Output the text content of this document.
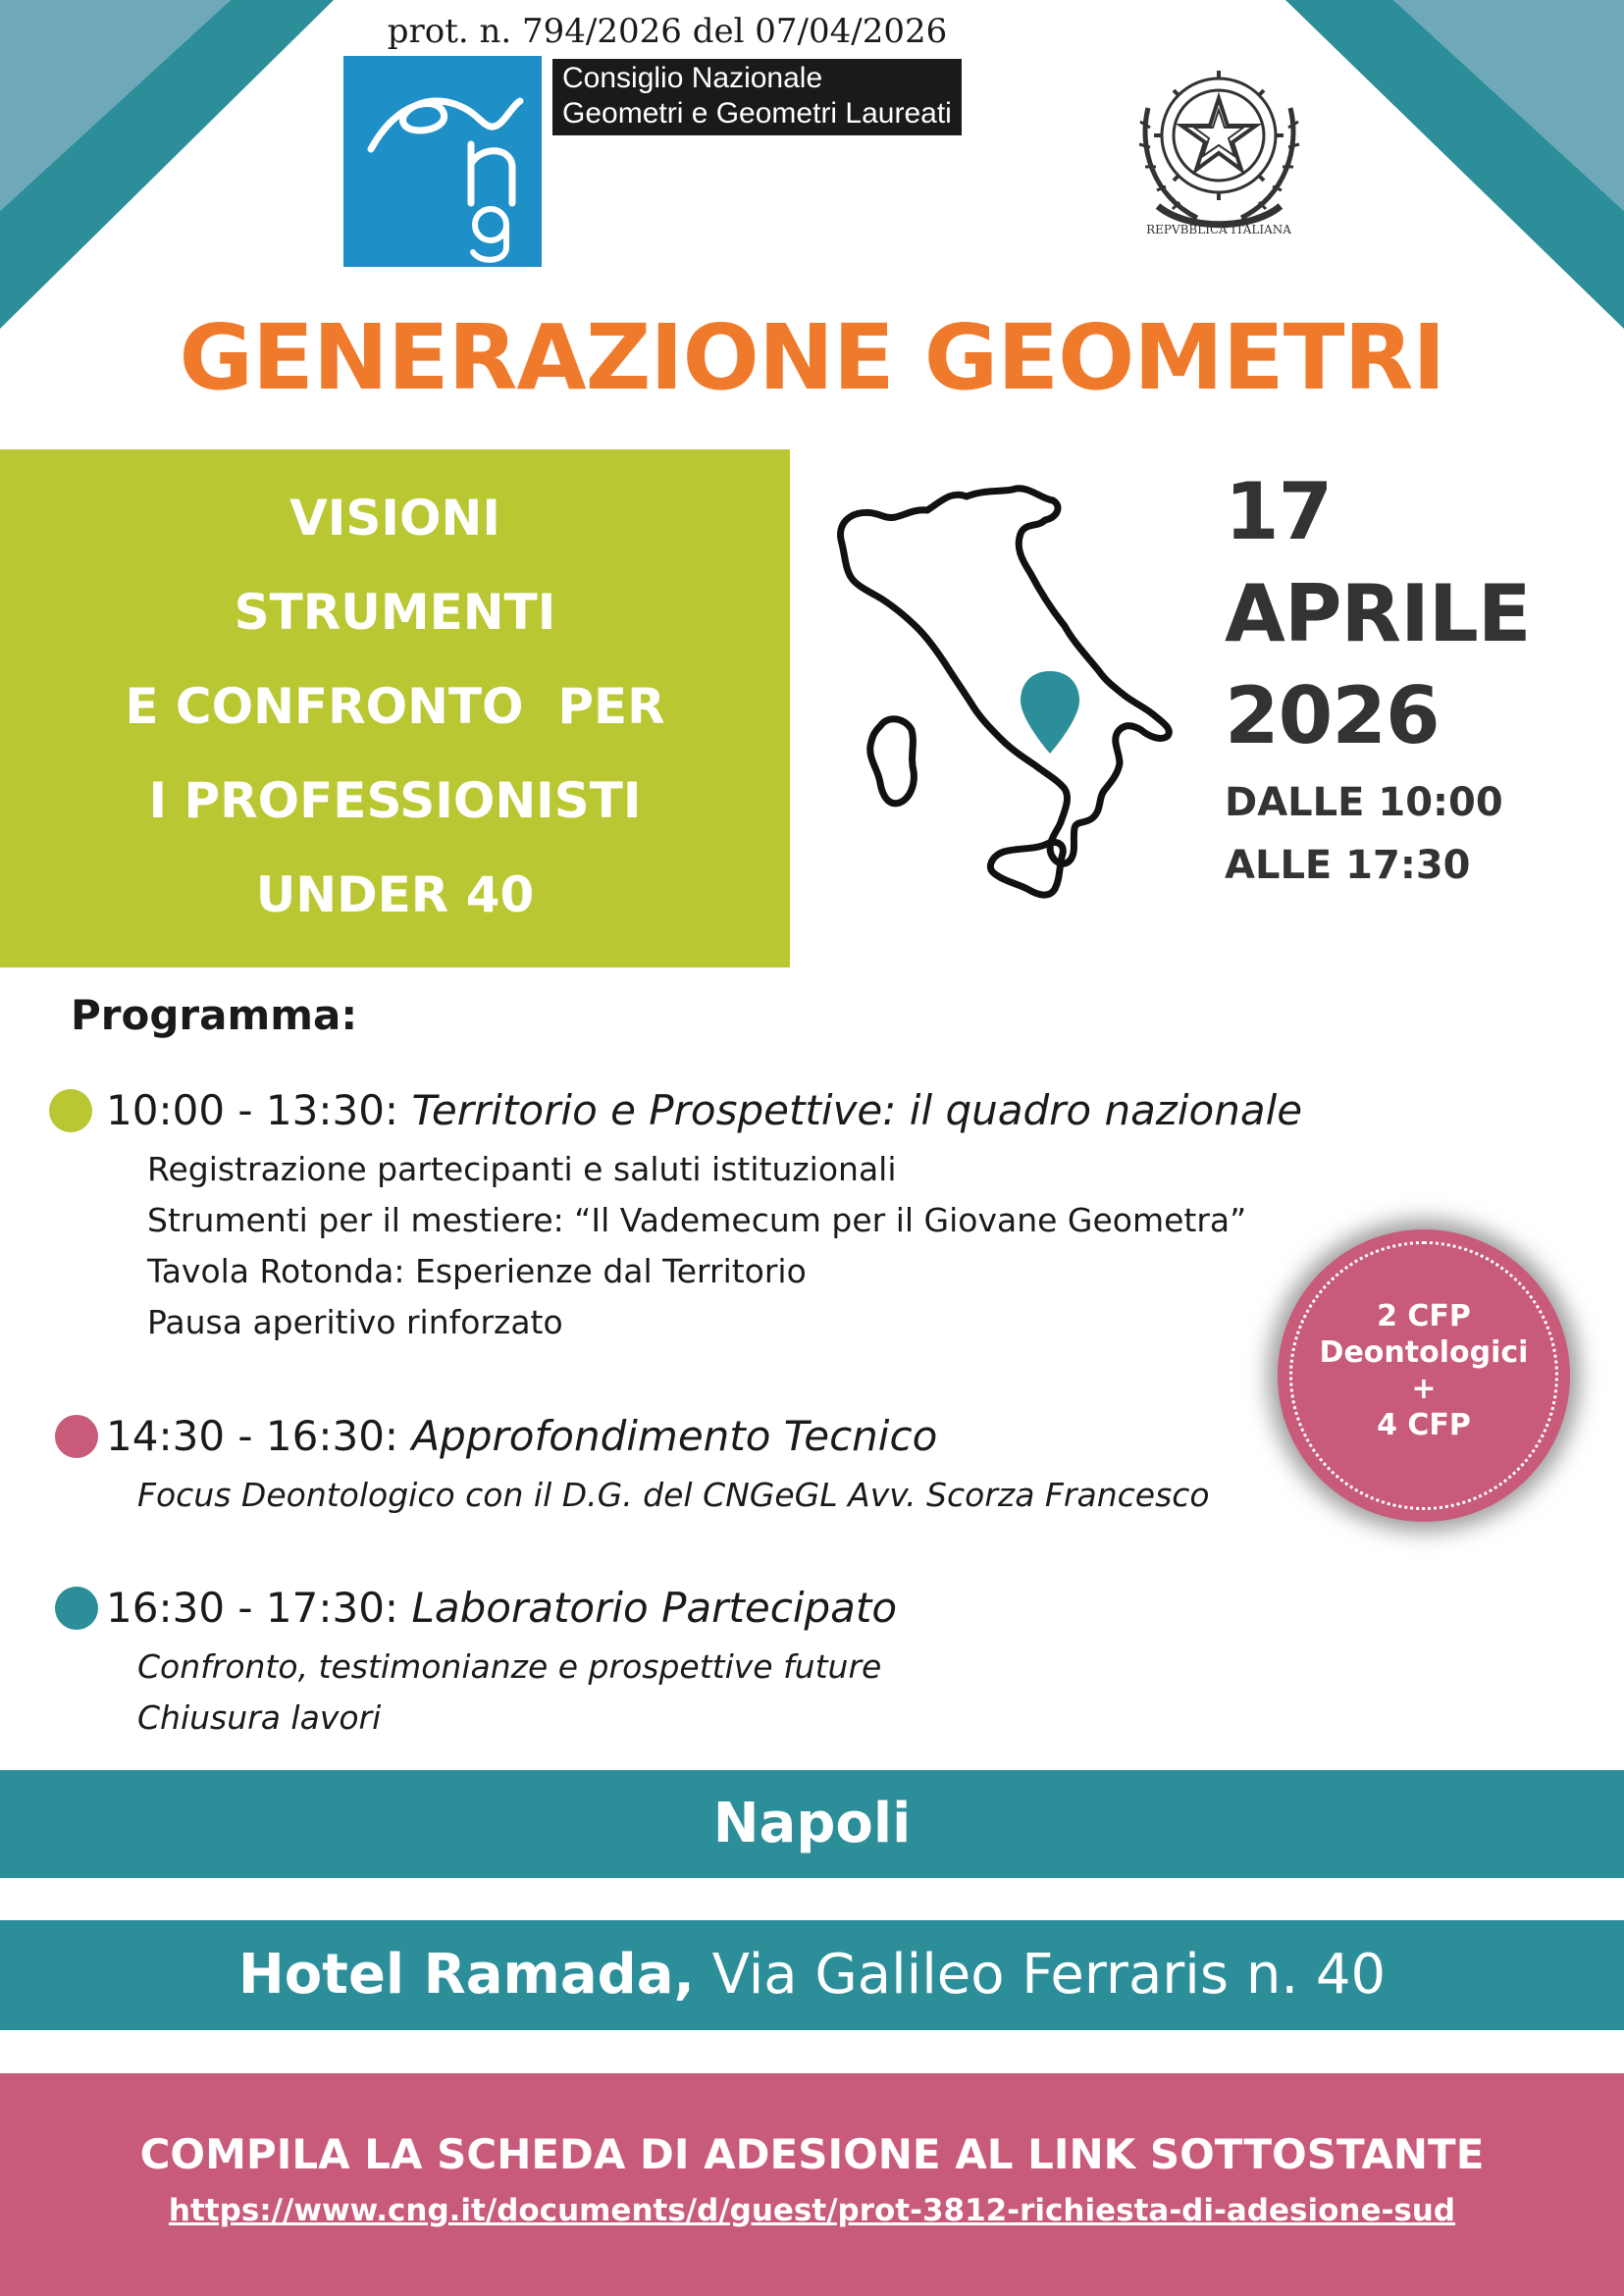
prot. n. 794/2026 del 07/04/2026
Consiglio Nazionale
Geometri e Geometri Laureati
REPVBBLICA ITALIANA
GENERAZIONE GEOMETRI
VISIONI
STRUMENTI
E CONFRONTO  PER
I PROFESSIONISTI
UNDER 40
17
APRILE
2026
DALLE 10:00
ALLE 17:30
Programma:
10:00 - 13:30: Territorio e Prospettive: il quadro nazionale
Registrazione partecipanti e saluti istituzionali
Strumenti per il mestiere: “Il Vademecum per il Giovane Geometra”
Tavola Rotonda: Esperienze dal Territorio
Pausa aperitivo rinforzato
14:30 - 16:30: Approfondimento Tecnico
Focus Deontologico con il D.G. del CNGeGL Avv. Scorza Francesco
16:30 - 17:30: Laboratorio Partecipato
Confronto, testimonianze e prospettive future
Chiusura lavori
2 CFP
Deontologici
+
4 CFP
Napoli
Hotel Ramada, Via Galileo Ferraris n. 40
COMPILA LA SCHEDA DI ADESIONE AL LINK SOTTOSTANTE
https://www.cng.it/documents/d/guest/prot-3812-richiesta-di-adesione-sud
